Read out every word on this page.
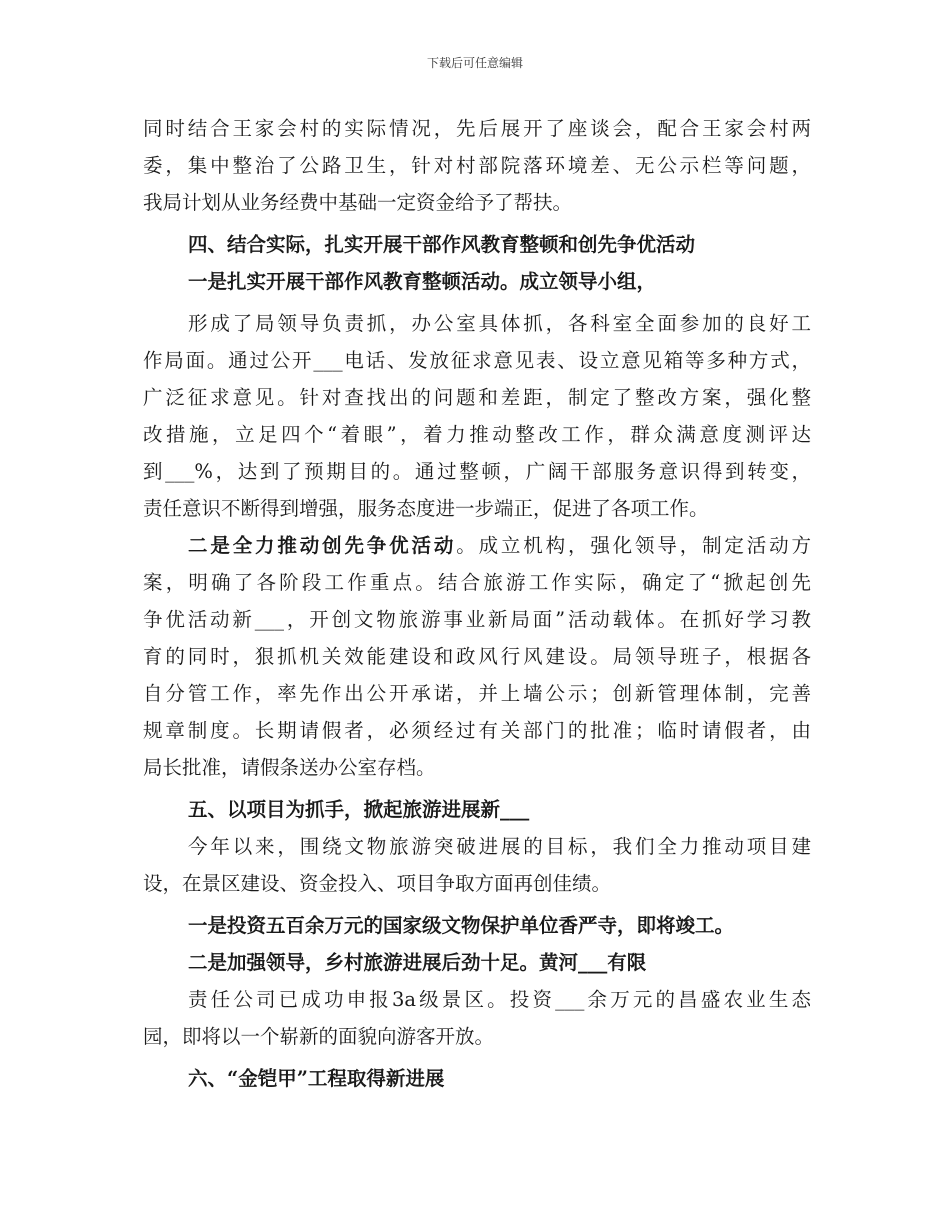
下载后可任意编辑
同时结合王家会村的实际情况，先后展开了座谈会，配合王家会村两
委，集中整治了公路卫生，针对村部院落环境差、无公示栏等问题，
我局计划从业务经费中基础一定资金给予了帮扶。
四、结合实际，扎实开展干部作风教育整顿和创先争优活动
一是扎实开展干部作风教育整顿活动。成立领导小组，
形成了局领导负责抓，办公室具体抓，各科室全面参加的良好工
作局面。通过公开___电话、发放征求意见表、设立意见箱等多种方式，
广泛征求意见。针对查找出的问题和差距，制定了整改方案，强化整
改措施，立足四个“着眼”，着力推动整改工作，群众满意度测评达
到___%，达到了预期目的。通过整顿，广阔干部服务意识得到转变，
责任意识不断得到增强，服务态度进一步端正，促进了各项工作。
二是全力推动创先争优活动。成立机构，强化领导，制定活动方
案，明确了各阶段工作重点。结合旅游工作实际，确定了“掀起创先
争优活动新___，开创文物旅游事业新局面”活动载体。在抓好学习教
育的同时，狠抓机关效能建设和政风行风建设。局领导班子，根据各
自分管工作，率先作出公开承诺，并上墙公示；创新管理体制，完善
规章制度。长期请假者，必须经过有关部门的批准；临时请假者，由
局长批准，请假条送办公室存档。
五、以项目为抓手，掀起旅游进展新___
今年以来，围绕文物旅游突破进展的目标，我们全力推动项目建
设，在景区建设、资金投入、项目争取方面再创佳绩。
一是投资五百余万元的国家级文物保护单位香严寺，即将竣工。
二是加强领导，乡村旅游进展后劲十足。黄河___有限
责任公司已成功申报3a级景区。投资___余万元的昌盛农业生态
园，即将以一个崭新的面貌向游客开放。
六、“金铠甲”工程取得新进展
